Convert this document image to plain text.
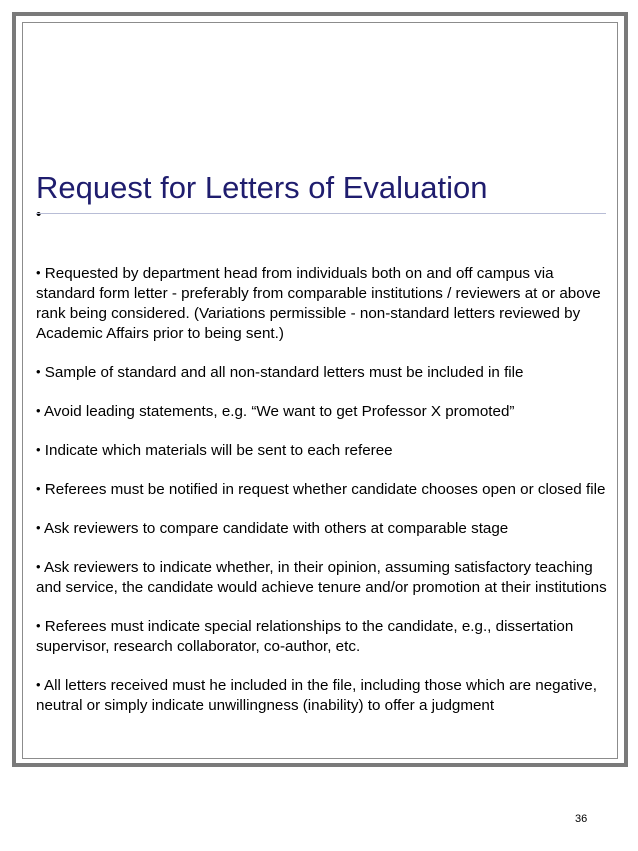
Request for Letters of Evaluation
•

• Requested by department head from individuals both on and off campus via standard form letter - preferably from comparable institutions / reviewers at or above rank being considered. (Variations permissible - non-standard letters reviewed by Academic Affairs prior to being sent.)

• Sample of standard and all non-standard letters must be included in file

• Avoid leading statements, e.g. “We want to get Professor X promoted”

• Indicate which materials will be sent to each referee

• Referees must be notified in request whether candidate chooses open or closed file

• Ask reviewers to compare candidate with others at comparable stage

• Ask reviewers to indicate whether, in their opinion, assuming satisfactory teaching and service, the candidate would achieve tenure and/or promotion at their institutions

• Referees must indicate special relationships to the candidate, e.g., dissertation supervisor, research collaborator, co-author, etc.

• All letters received must he included in the file, including those which are negative, neutral or simply indicate unwillingness (inability) to offer a judgment

36
